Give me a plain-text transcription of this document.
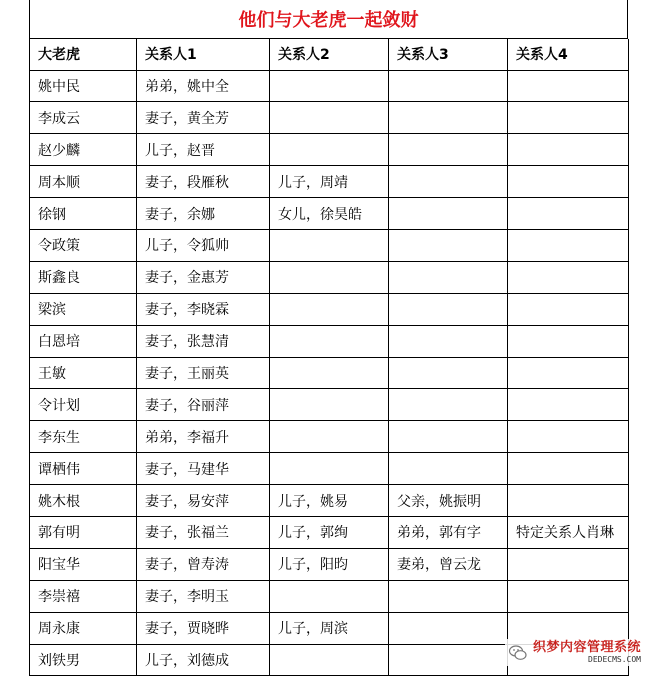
他们与大老虎一起敛财
大老虎	关系人1	关系人2	关系人3	关系人4
姚中民	弟弟，姚中全			
李成云	妻子，黄全芳			
赵少麟	儿子，赵晋			
周本顺	妻子，段雁秋	儿子，周靖		
徐钢	妻子，余娜	女儿，徐昊皓		
令政策	儿子，令狐帅			
斯鑫良	妻子，金惠芳			
梁滨	妻子，李晓霖			
白恩培	妻子，张慧清			
王敏	妻子，王丽英			
令计划	妻子，谷丽萍			
李东生	弟弟，李福升			
谭栖伟	妻子，马建华			
姚木根	妻子，易安萍	儿子，姚易	父亲，姚振明	
郭有明	妻子，张福兰	儿子，郭绚	弟弟，郭有字	特定关系人肖琳
阳宝华	妻子，曾寿涛	儿子，阳昀	妻弟，曾云龙	
李崇禧	妻子，李明玉			
周永康	妻子，贾晓晔	儿子，周滨		
刘铁男	儿子，刘德成			
织梦内容管理系统
DEDECMS.COM
